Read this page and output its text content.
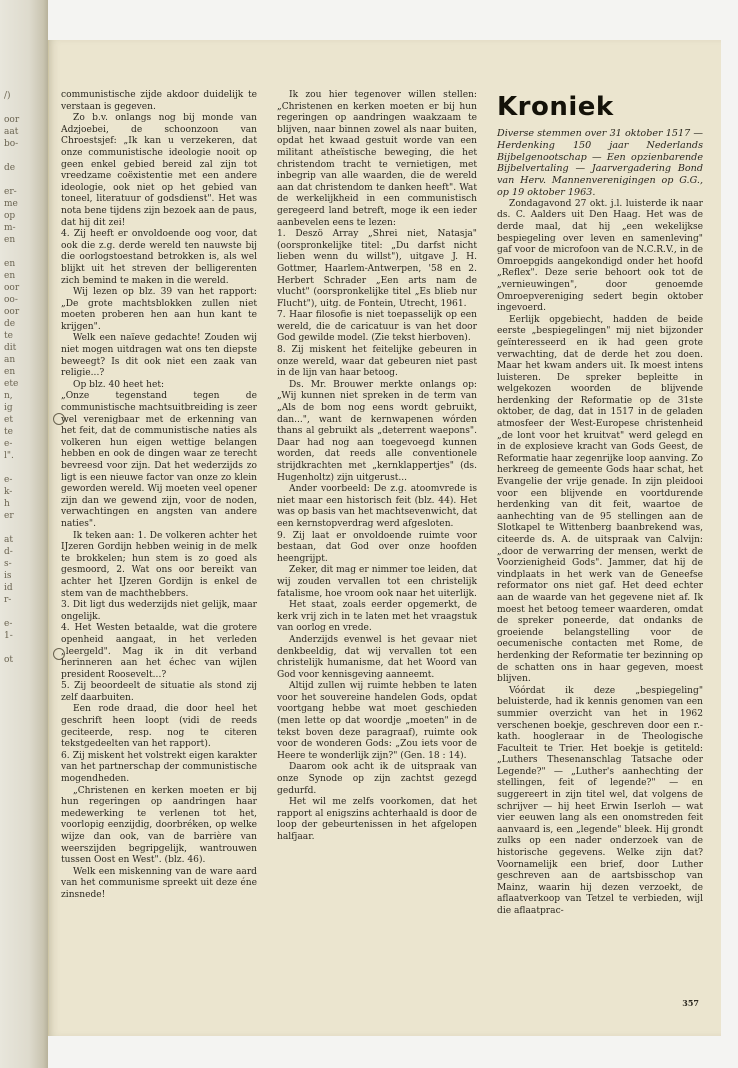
/)
oor
aat
bo-
de
er-
me
op
m-
en
en
en
oor
oo-
oor
de
te
dit
an
en
ete
n,
ig
et
te
e-
l".
e-
k-
h
er
at
d-
s-
is
id
r-
e-
1-
ot

communistische zijde akdoor duidelijk te verstaan is gegeven.

Zo b.v. onlangs nog bij monde van Adzjoebei, de schoonzoon van Chroestsjef: „Ik kan u verzekeren, dat onze communistische ideologie nooit op geen enkel gebied bereid zal zijn tot vreedzame coëxistentie met een andere ideologie, ook niet op het gebied van toneel, literatuur of godsdienst". Het was nota bene tijdens zijn bezoek aan de paus, dat hij dit zei!

4. Zij heeft er onvoldoende oog voor, dat ook die z.g. derde wereld ten nauwste bij die oorlogstoestand betrokken is, als wel blijkt uit het streven der belligerenten zich bemind te maken in die wereld.

Wij lezen op blz. 39 van het rapport: „De grote machtsblokken zullen niet moeten proberen hen aan hun kant te krijgen".

Welk een naïeve gedachte! Zouden wij niet mogen uitdragen wat ons ten diepste beweegt? Is dit ook niet een zaak van religie...?

Op blz. 40 heet het:

„Onze tegenstand tegen de communistische machtsuitbreiding is zeer wel verenigbaar met de erkenning van het feit, dat de communistische naties als volkeren hun eigen wettige belangen hebben en ook de dingen waar ze terecht bevreesd voor zijn. Dat het wederzijds zo ligt is een nieuwe factor van onze zo klein geworden wereld. Wij moeten veel opener zijn dan we gewend zijn, voor de noden, verwachtingen en angsten van andere naties".

Ik teken aan: 1. De volkeren achter het IJzeren Gordijn hebben weinig in de melk te brokkelen; hun stem is zo goed als gesmoord, 2. Wat ons oor bereikt van achter het IJzeren Gordijn is enkel de stem van de machthebbers.

3. Dit ligt dus wederzijds niet gelijk, maar ongelijk.

4. Het Westen betaalde, wat die grotere openheid aangaat, in het verleden „leergeld". Mag ik in dit verband herinneren aan het échec van wijlen president Roosevelt...?

5. Zij beoordeelt de situatie als stond zij zelf daarbuiten.

Een rode draad, die door heel het geschrift heen loopt (vidi de reeds geciteerde, resp. nog te citeren tekstgedeelten van het rapport).

6. Zij miskent het volstrekt eigen karakter van het partnerschap der communistische mogendheden.

„Christenen en kerken moeten er bij hun regeringen op aandringen haar medewerking te verlenen tot het, voorlopig eenzijdig, doorbréken, op welke wijze dan ook, van de barrière van weerszijden begripgelijk, wantrouwen tussen Oost en West". (blz. 46).

Welk een miskenning van de ware aard van het communisme spreekt uit deze éne zinsnede!

Ik zou hier tegenover willen stellen: „Christenen en kerken moeten er bij hun regeringen op aandringen waakzaam te blijven, naar binnen zowel als naar buiten, opdat het kwaad gestuit worde van een militant atheïstische beweging, die het christendom tracht te vernietigen, met inbegrip van alle waarden, die de wereld aan dat christendom te danken heeft". Wat de werkelijkheid in een communistisch geregeerd land betreft, moge ik een ieder aanbevelen eens te lezen:

1. Deszö Array „Shrei niet, Natasja" (oorspronkelijke titel: „Du darfst nicht lieben wenn du willst"), uitgave J. H. Gottmer, Haarlem-Antwerpen, '58 en 2. Herbert Schrader „Een arts nam de vlucht" (oorspronkelijke titel „Es blieb nur Flucht"), uitg. de Fontein, Utrecht, 1961.

7. Haar filosofie is niet toepasselijk op een wereld, die de caricatuur is van het door God gewilde model. (Zie tekst hierboven).

8. Zij miskent het feitelijke gebeuren in onze wereld, waar dat gebeuren niet past in de lijn van haar betoog.

Ds. Mr. Brouwer merkte onlangs op: „Wij kunnen niet spreken in de term van „Als de bom nog eens wordt gebruikt, dan...", want de kernwapenen wórden thans al gebruikt als „deterrent waepons". Daar had nog aan toegevoegd kunnen worden, dat reeds alle conventionele strijdkrachten met „kernklappertjes" (ds. Hugenholtz) zijn uitgerust...

Ander voorbeeld: De z.g. atoomvrede is niet maar een historisch feit (blz. 44). Het was op basis van het machtsevenwicht, dat een kernstopverdrag werd afgesloten.

9. Zij laat er onvoldoende ruimte voor bestaan, dat God over onze hoofden heengrijpt.

Zeker, dit mag er nimmer toe leiden, dat wij zouden vervallen tot een christelijk fatalisme, hoe vroom ook naar het uiterlijk.

Het staat, zoals eerder opgemerkt, de kerk vrij zich in te laten met het vraagstuk van oorlog en vrede.

Anderzijds evenwel is het gevaar niet denkbeeldig, dat wij vervallen tot een christelijk humanisme, dat het Woord van God voor kennisgeving aanneemt.

Altijd zullen wij ruimte hebben te laten voor het souvereine handelen Gods, opdat voortgang hebbe wat moet geschieden (men lette op dat woordje „moeten" in de tekst boven deze paragraaf), ruimte ook voor de wonderen Gods: „Zou iets voor de Heere te wonderlijk zijn?" (Gen. 18 : 14).

Daarom ook acht ik de uitspraak van onze Synode op zijn zachtst gezegd gedurfd.

Het wil me zelfs voorkomen, dat het rapport al enigszins achterhaald is door de loop der gebeurtenissen in het afgelopen halfjaar.

Kroniek

Diverse stemmen over 31 oktober 1517 — Herdenking 150 jaar Nederlands Bijbelgenootschap — Een opzienbarende Bijbelvertaling — Jaarvergadering Bond van Herv. Mannenverenigingen op G.G., op 19 oktober 1963.

Zondagavond 27 okt. j.l. luisterde ik naar ds. C. Aalders uit Den Haag. Het was de derde maal, dat hij „een wekelijkse bespiegeling over leven en samenleving" gaf voor de microfoon van de N.C.R.V., in de Omroepgids aangekondigd onder het hoofd „Reflex". Deze serie behoort ook tot de „vernieuwingen", door genoemde Omroepvereniging sedert begin oktober ingevoerd.

Eerlijk opgebiecht, hadden de beide eerste „bespiegelingen" mij niet bijzonder geïnteresseerd en ik had geen grote verwachting, dat de derde het zou doen. Maar het kwam anders uit. Ik moest intens luisteren. De spreker bepleitte in welgekozen woorden de blijvende herdenking der Reformatie op de 31ste oktober, de dag, dat in 1517 in de geladen atmosfeer der West-Europese christenheid „de lont voor het kruitvat" werd gelegd en in de explosieve kracht van Gods Geest, de Reformatie haar zegenrijke loop aanving. Zo herkreeg de gemeente Gods haar schat, het Evangelie der vrije genade. In zijn pleidooi voor een blijvende en voortdurende herdenking van dit feit, waartoe de aanhechting van de 95 stellingen aan de Slotkapel te Wittenberg baanbrekend was, citeerde ds. A. de uitspraak van Calvijn: „door de verwarring der mensen, werkt de Voorzienigheid Gods". Jammer, dat hij de vindplaats in het werk van de Geneefse reformator ons niet gaf. Het deed echter aan de waarde van het gegevene niet af. Ik moest het betoog temeer waarderen, omdat de spreker poneerde, dat ondanks de groeiende belangstelling voor de oecumenische contacten met Rome, de herdenking der Reformatie ter bezinning op de schatten ons in haar gegeven, moest blijven.

Vóórdat ik deze „bespiegeling" beluisterde, had ik kennis genomen van een summier overzicht van het in 1962 verschenen boekje, geschreven door een r.-kath. hoogleraar in de Theologische Faculteit te Trier. Het boekje is getiteld: „Luthers Thesenanschlag Tatsache oder Legende?" — „Luther's aanhechting der stellingen, feit of legende?" — en suggereert in zijn titel wel, dat volgens de schrijver — hij heet Erwin Iserloh — wat vier eeuwen lang als een onomstreden feit aanvaard is, een „legende" bleek. Hij grondt zulks op een nader onderzoek van de historische gegevens. Welke zijn dat? Voornamelijk een brief, door Luther geschreven aan de aartsbisschop van Mainz, waarin hij dezen verzoekt, de aflaatverkoop van Tetzel te verbieden, wijl die aflaatprac-

357
